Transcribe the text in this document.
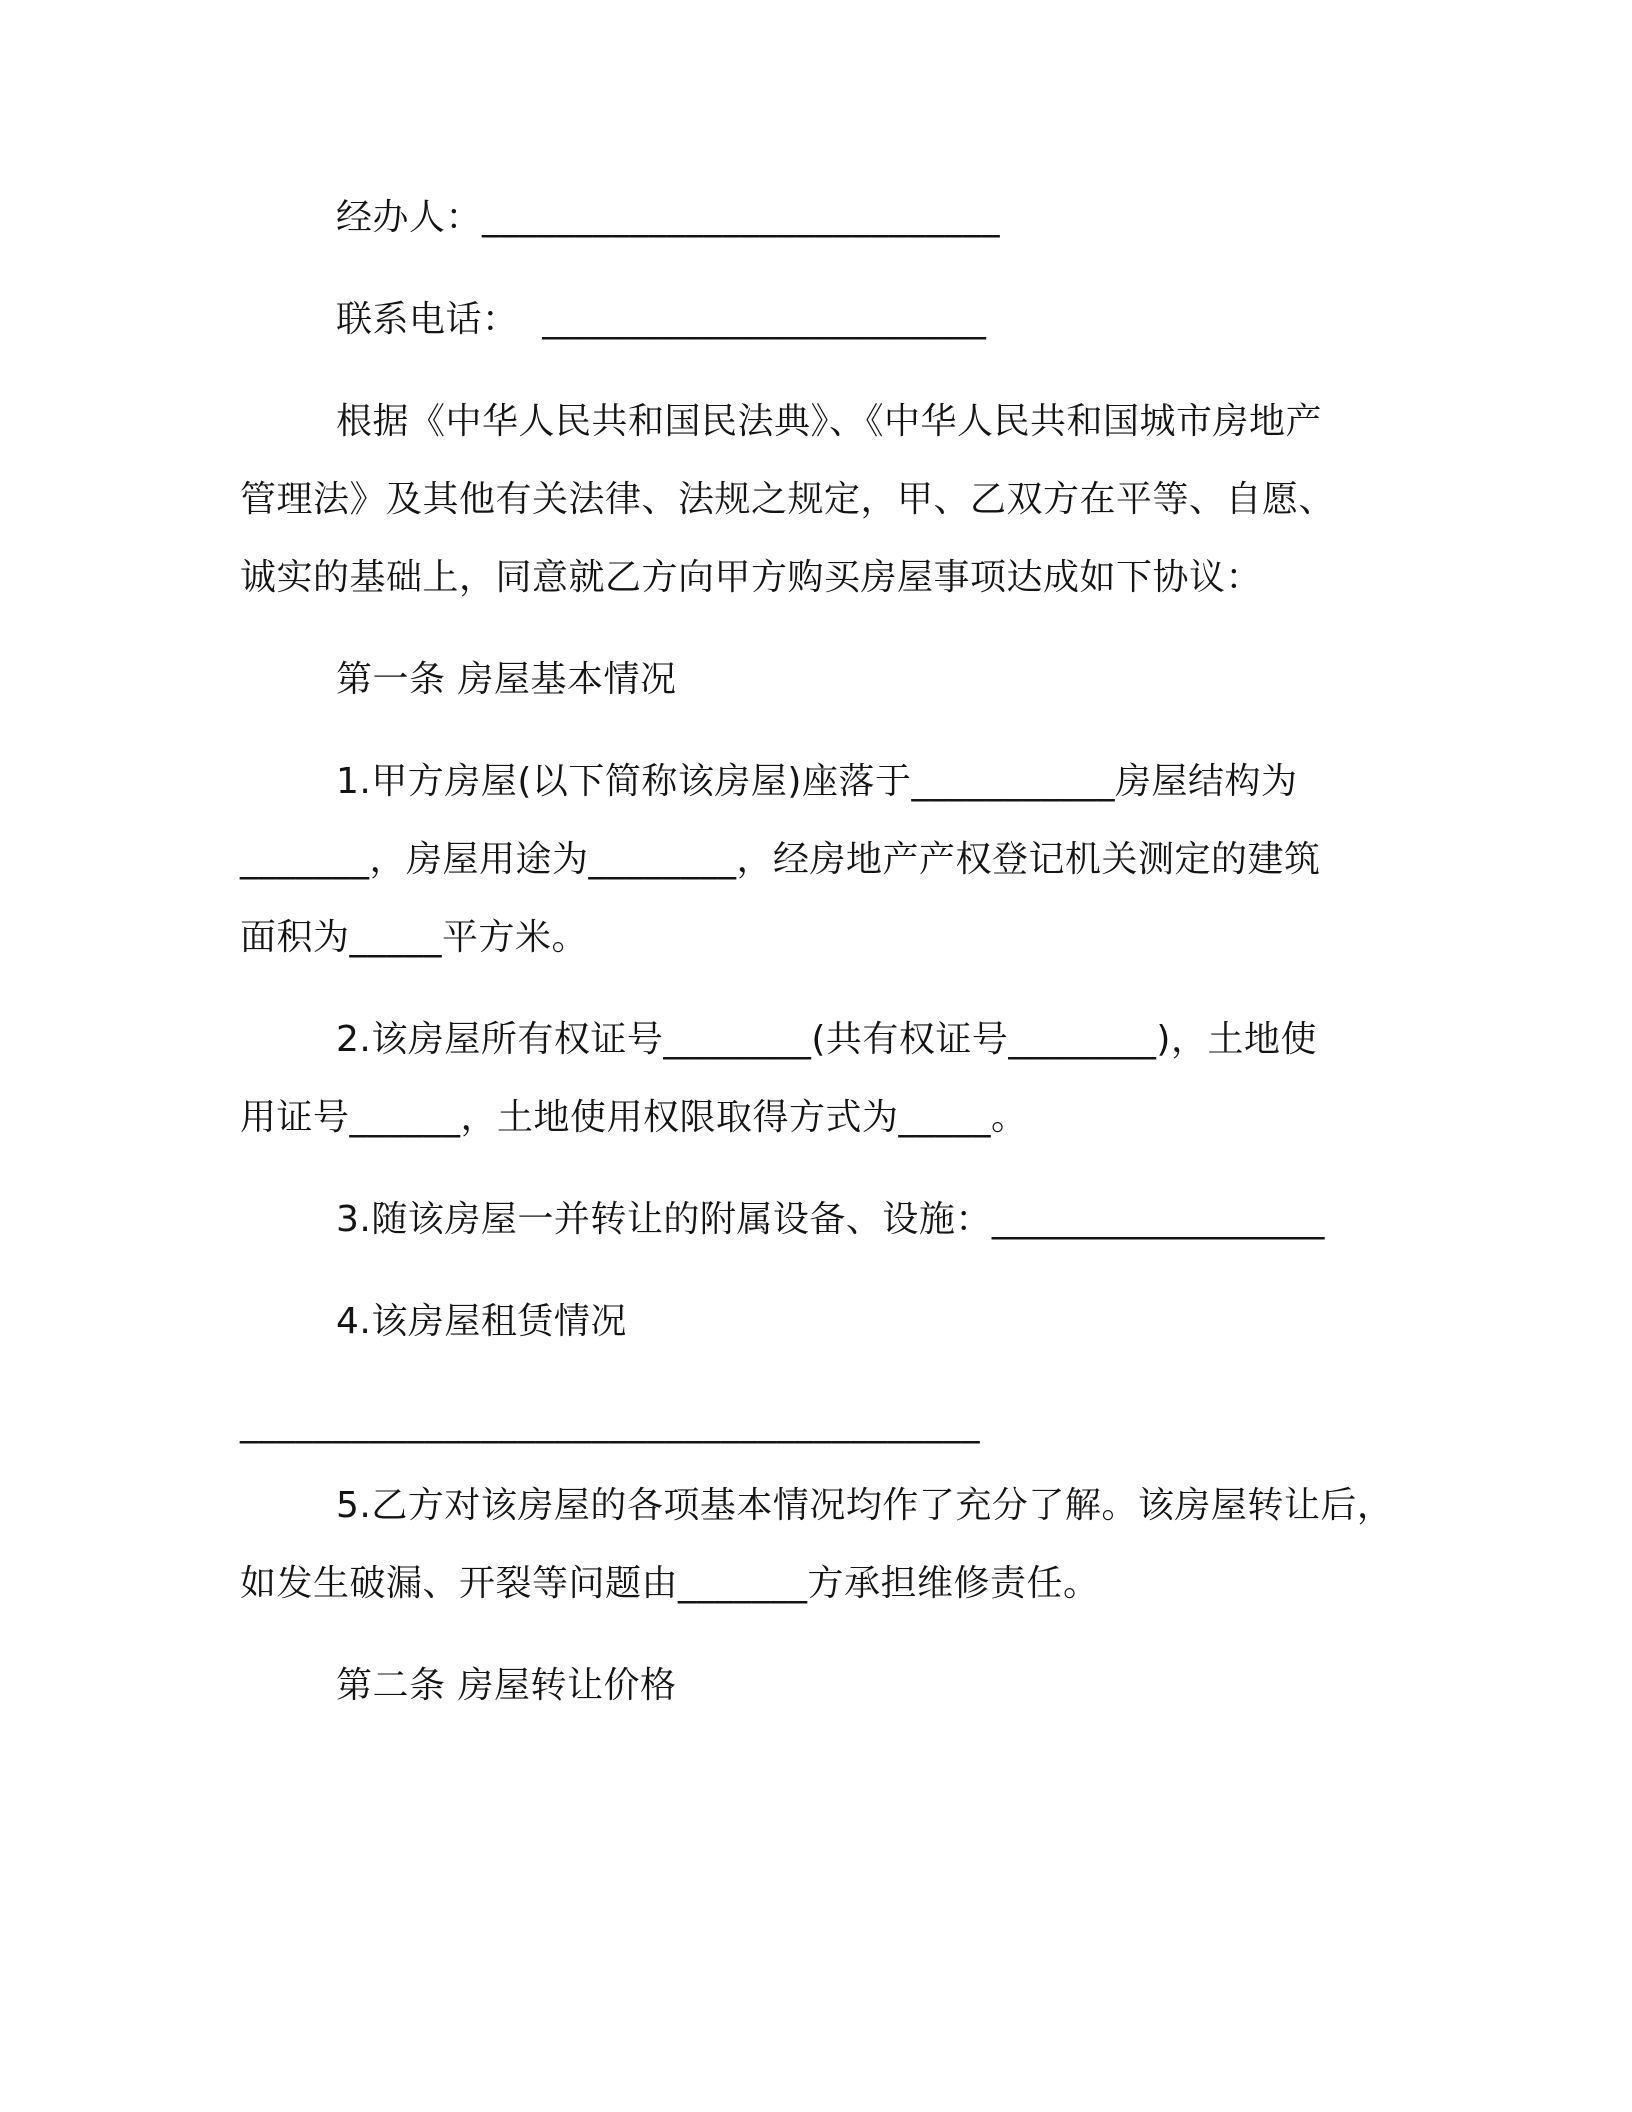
经办人：____________________________
联系电话：  ________________________
根据《中华人民共和国民法典》、《中华人民共和国城市房地产
管理法》及其他有关法律、法规之规定，甲、乙双方在平等、自愿、
诚实的基础上，同意就乙方向甲方购买房屋事项达成如下协议：
第一条 房屋基本情况
1.甲方房屋(以下简称该房屋)座落于___________房屋结构为
_______，房屋用途为________，经房地产产权登记机关测定的建筑
面积为_____平方米。
2.该房屋所有权证号________(共有权证号________)，土地使
用证号______，土地使用权限取得方式为_____。
3.随该房屋一并转让的附属设备、设施：__________________
4.该房屋租赁情况
________________________________________
5.乙方对该房屋的各项基本情况均作了充分了解。该房屋转让后，
如发生破漏、开裂等问题由_______方承担维修责任。
第二条 房屋转让价格
